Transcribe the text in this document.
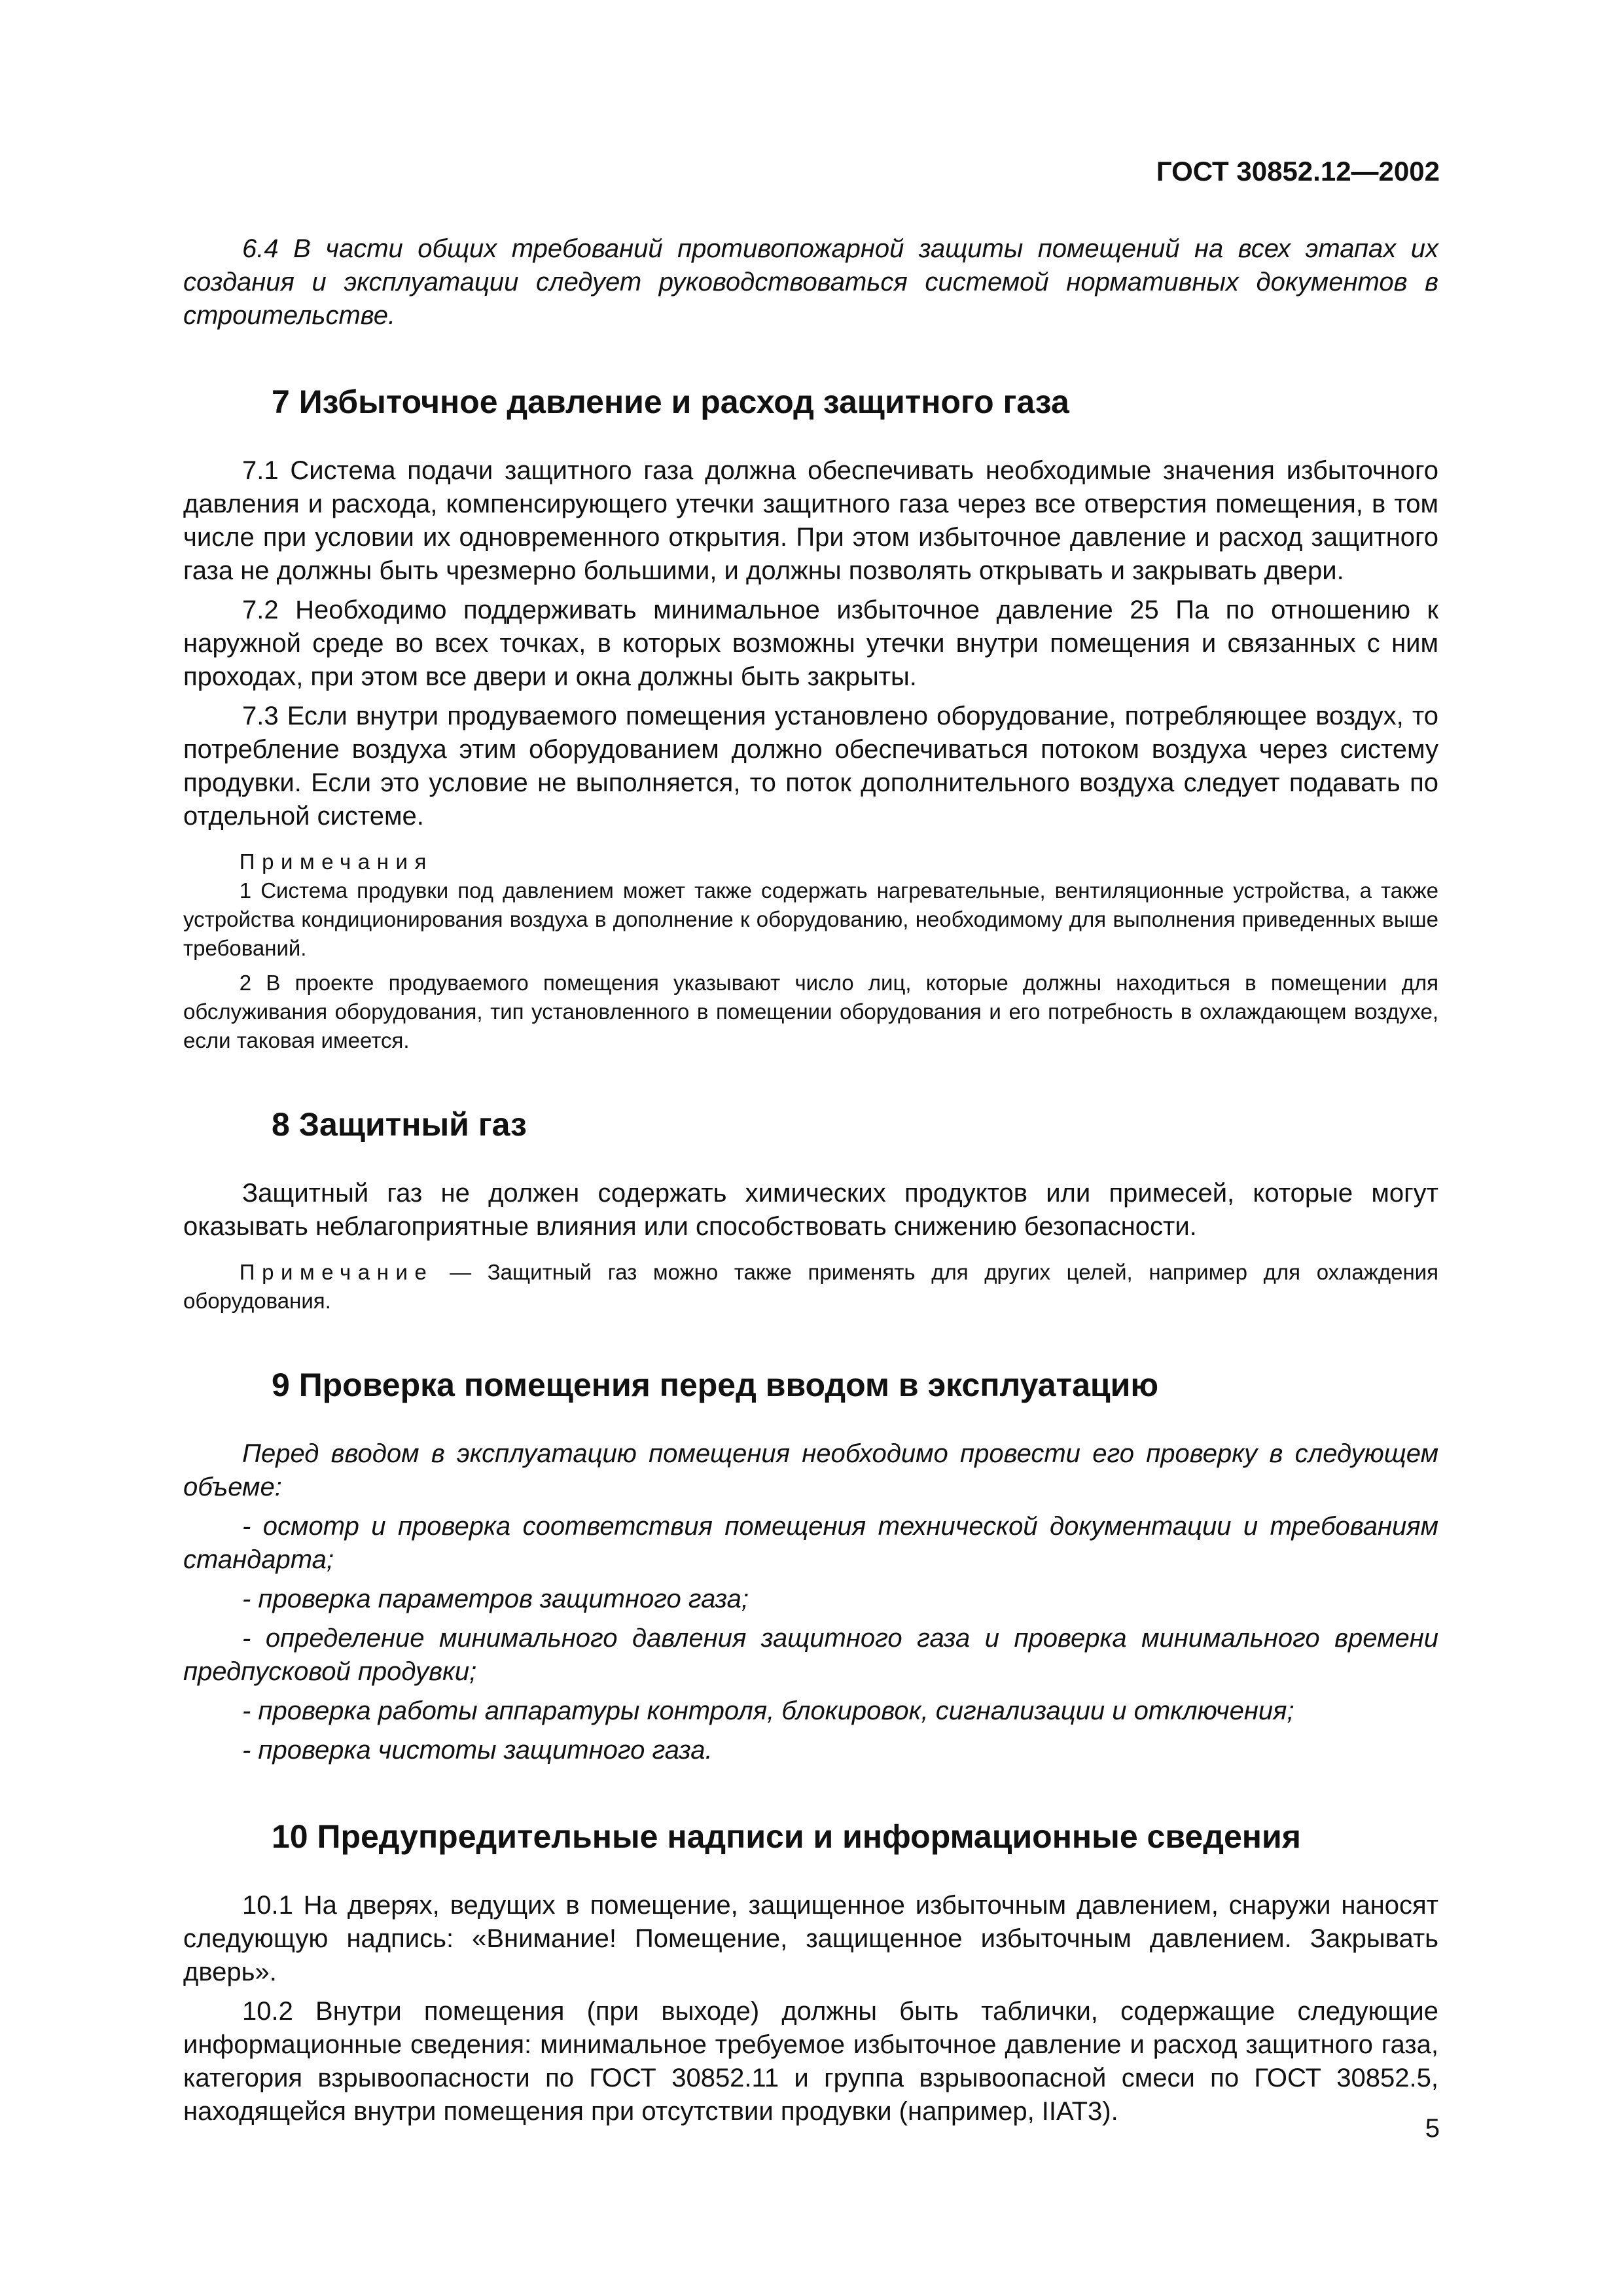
ГОСТ 30852.12—2002

6.4 В части общих требований противопожарной защиты помещений на всех этапах их создания и эксплуатации следует руководствоваться системой нормативных документов в строительстве.

7 Избыточное давление и расход защитного газа

7.1 Система подачи защитного газа должна обеспечивать необходимые значения избыточного давления и расхода, компенсирующего утечки защитного газа через все отверстия помещения, в том числе при условии их одновременного открытия. При этом избыточное давление и расход защитного газа не должны быть чрезмерно большими, и должны позволять открывать и закрывать двери.

7.2 Необходимо поддерживать минимальное избыточное давление 25 Па по отношению к наружной среде во всех точках, в которых возможны утечки внутри помещения и связанных с ним проходах, при этом все двери и окна должны быть закрыты.

7.3 Если внутри продуваемого помещения установлено оборудование, потребляющее воздух, то потребление воздуха этим оборудованием должно обеспечиваться потоком воздуха через систему продувки. Если это условие не выполняется, то поток дополнительного воздуха следует подавать по отдельной системе.

Примечания

1 Система продувки под давлением может также содержать нагревательные, вентиляционные устройства, а также устройства кондиционирования воздуха в дополнение к оборудованию, необходимому для выполнения приведенных выше требований.

2 В проекте продуваемого помещения указывают число лиц, которые должны находиться в помещении для обслуживания оборудования, тип установленного в помещении оборудования и его потребность в охлаждающем воздухе, если таковая имеется.

8 Защитный газ

Защитный газ не должен содержать химических продуктов или примесей, которые могут оказывать неблагоприятные влияния или способствовать снижению безопасности.

Примечание — Защитный газ можно также применять для других целей, например для охлаждения оборудования.

9 Проверка помещения перед вводом в эксплуатацию

Перед вводом в эксплуатацию помещения необходимо провести его проверку в следующем объеме:

- осмотр и проверка соответствия помещения технической документации и требованиям стандарта;

- проверка параметров защитного газа;

- определение минимального давления защитного газа и проверка минимального времени предпусковой продувки;

- проверка работы аппаратуры контроля, блокировок, сигнализации и отключения;

- проверка чистоты защитного газа.

10 Предупредительные надписи и информационные сведения

10.1 На дверях, ведущих в помещение, защищенное избыточным давлением, снаружи наносят следующую надпись: «Внимание! Помещение, защищенное избыточным давлением. Закрывать дверь».

10.2 Внутри помещения (при выходе) должны быть таблички, содержащие следующие информационные сведения: минимальное требуемое избыточное давление и расход защитного газа, категория взрывоопасности по ГОСТ 30852.11 и группа взрывоопасной смеси по ГОСТ 30852.5, находящейся внутри помещения при отсутствии продувки (например, IIАТ3).

5
